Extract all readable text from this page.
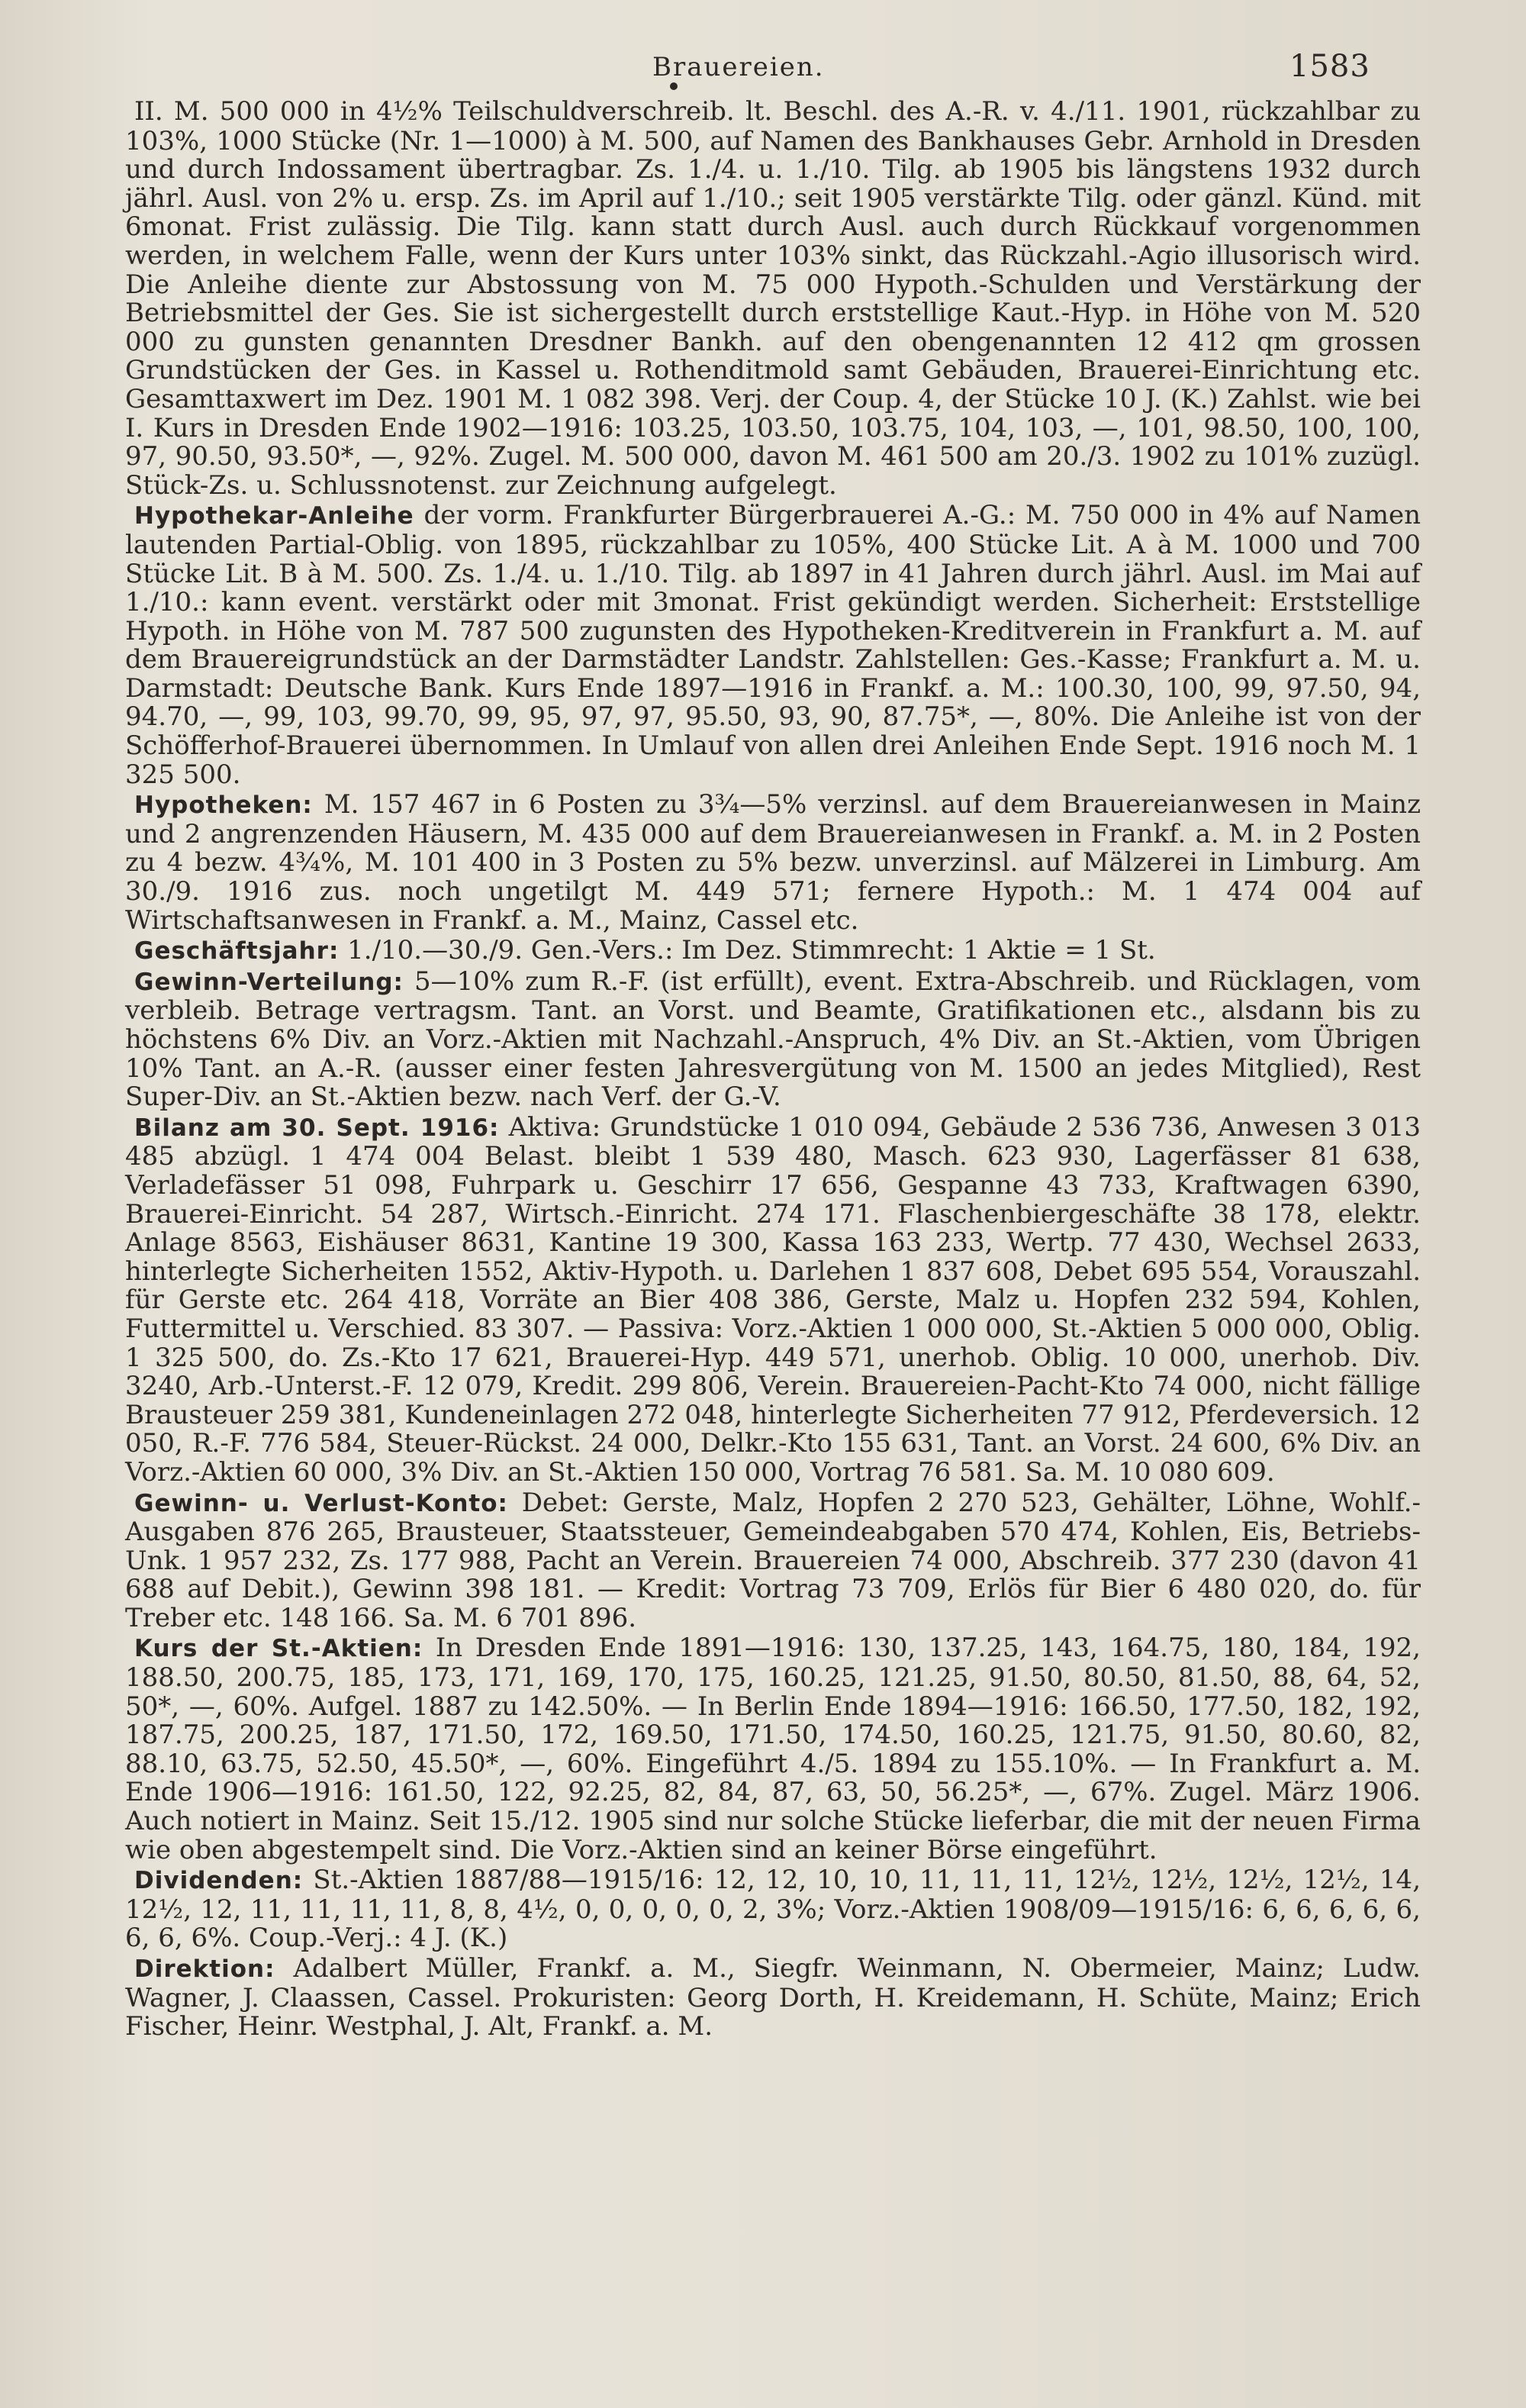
Brauereien.	1583

II. M. 500 000 in 4½% Teilschuldverschreib. lt. Beschl. des A.-R. v. 4./11. 1901, rückzahlbar zu 103%, 1000 Stücke (Nr. 1—1000) à M. 500, auf Namen des Bankhauses Gebr. Arnhold in Dresden und durch Indossament übertragbar. Zs. 1./4. u. 1./10. Tilg. ab 1905 bis längstens 1932 durch jährl. Ausl. von 2% u. ersp. Zs. im April auf 1./10.; seit 1905 verstärkte Tilg. oder gänzl. Künd. mit 6monat. Frist zulässig. Die Tilg. kann statt durch Ausl. auch durch Rückkauf vorgenommen werden, in welchem Falle, wenn der Kurs unter 103% sinkt, das Rückzahl.-Agio illusorisch wird. Die Anleihe diente zur Abstossung von M. 75 000 Hypoth.-Schulden und Verstärkung der Betriebsmittel der Ges. Sie ist sichergestellt durch erststellige Kaut.-Hyp. in Höhe von M. 520 000 zu gunsten genannten Dresdner Bankh. auf den obengenannten 12 412 qm grossen Grundstücken der Ges. in Kassel u. Rothenditmold samt Gebäuden, Brauerei-Einrichtung etc. Gesamttaxwert im Dez. 1901 M. 1 082 398. Verj. der Coup. 4, der Stücke 10 J. (K.) Zahlst. wie bei I. Kurs in Dresden Ende 1902—1916: 103.25, 103.50, 103.75, 104, 103, —, 101, 98.50, 100, 100, 97, 90.50, 93.50*, —, 92%. Zugel. M. 500 000, davon M. 461 500 am 20./3. 1902 zu 101% zuzügl. Stück-Zs. u. Schlussnotenst. zur Zeichnung aufgelegt.

Hypothekar-Anleihe der vorm. Frankfurter Bürgerbrauerei A.-G.: M. 750 000 in 4% auf Namen lautenden Partial-Oblig. von 1895, rückzahlbar zu 105%, 400 Stücke Lit. A à M. 1000 und 700 Stücke Lit. B à M. 500. Zs. 1./4. u. 1./10. Tilg. ab 1897 in 41 Jahren durch jährl. Ausl. im Mai auf 1./10.: kann event. verstärkt oder mit 3monat. Frist gekündigt werden. Sicherheit: Erststellige Hypoth. in Höhe von M. 787 500 zugunsten des Hypotheken-Kreditverein in Frankfurt a. M. auf dem Brauereigrundstück an der Darmstädter Landstr. Zahlstellen: Ges.-Kasse; Frankfurt a. M. u. Darmstadt: Deutsche Bank. Kurs Ende 1897—1916 in Frankf. a. M.: 100.30, 100, 99, 97.50, 94, 94.70, —, 99, 103, 99.70, 99, 95, 97, 97, 95.50, 93, 90, 87.75*, —, 80%. Die Anleihe ist von der Schöfferhof-Brauerei übernommen. In Umlauf von allen drei Anleihen Ende Sept. 1916 noch M. 1 325 500.

Hypotheken: M. 157 467 in 6 Posten zu 3¾—5% verzinsl. auf dem Brauereianwesen in Mainz und 2 angrenzenden Häusern, M. 435 000 auf dem Brauereianwesen in Frankf. a. M. in 2 Posten zu 4 bezw. 4¾%, M. 101 400 in 3 Posten zu 5% bezw. unverzinsl. auf Mälzerei in Limburg. Am 30./9. 1916 zus. noch ungetilgt M. 449 571; fernere Hypoth.: M. 1 474 004 auf Wirtschaftsanwesen in Frankf. a. M., Mainz, Cassel etc.

Geschäftsjahr: 1./10.—30./9. Gen.-Vers.: Im Dez. Stimmrecht: 1 Aktie = 1 St.

Gewinn-Verteilung: 5—10% zum R.-F. (ist erfüllt), event. Extra-Abschreib. und Rücklagen, vom verbleib. Betrage vertragsm. Tant. an Vorst. und Beamte, Gratifikationen etc., alsdann bis zu höchstens 6% Div. an Vorz.-Aktien mit Nachzahl.-Anspruch, 4% Div. an St.-Aktien, vom Übrigen 10% Tant. an A.-R. (ausser einer festen Jahresvergütung von M. 1500 an jedes Mitglied), Rest Super-Div. an St.-Aktien bezw. nach Verf. der G.-V.

Bilanz am 30. Sept. 1916: Aktiva: Grundstücke 1 010 094, Gebäude 2 536 736, Anwesen 3 013 485 abzügl. 1 474 004 Belast. bleibt 1 539 480, Masch. 623 930, Lagerfässer 81 638, Verladefässer 51 098, Fuhrpark u. Geschirr 17 656, Gespanne 43 733, Kraftwagen 6390, Brauerei-Einricht. 54 287, Wirtsch.-Einricht. 274 171. Flaschenbiergeschäfte 38 178, elektr. Anlage 8563, Eishäuser 8631, Kantine 19 300, Kassa 163 233, Wertp. 77 430, Wechsel 2633, hinterlegte Sicherheiten 1552, Aktiv-Hypoth. u. Darlehen 1 837 608, Debet 695 554, Vorauszahl. für Gerste etc. 264 418, Vorräte an Bier 408 386, Gerste, Malz u. Hopfen 232 594, Kohlen, Futtermittel u. Verschied. 83 307. — Passiva: Vorz.-Aktien 1 000 000, St.-Aktien 5 000 000, Oblig. 1 325 500, do. Zs.-Kto 17 621, Brauerei-Hyp. 449 571, unerhob. Oblig. 10 000, unerhob. Div. 3240, Arb.-Unterst.-F. 12 079, Kredit. 299 806, Verein. Brauereien-Pacht-Kto 74 000, nicht fällige Brausteuer 259 381, Kundeneinlagen 272 048, hinterlegte Sicherheiten 77 912, Pferdeversich. 12 050, R.-F. 776 584, Steuer-Rückst. 24 000, Delkr.-Kto 155 631, Tant. an Vorst. 24 600, 6% Div. an Vorz.-Aktien 60 000, 3% Div. an St.-Aktien 150 000, Vortrag 76 581. Sa. M. 10 080 609.

Gewinn- u. Verlust-Konto: Debet: Gerste, Malz, Hopfen 2 270 523, Gehälter, Löhne, Wohlf.-Ausgaben 876 265, Brausteuer, Staatssteuer, Gemeindeabgaben 570 474, Kohlen, Eis, Betriebs-Unk. 1 957 232, Zs. 177 988, Pacht an Verein. Brauereien 74 000, Abschreib. 377 230 (davon 41 688 auf Debit.), Gewinn 398 181. — Kredit: Vortrag 73 709, Erlös für Bier 6 480 020, do. für Treber etc. 148 166. Sa. M. 6 701 896.

Kurs der St.-Aktien: In Dresden Ende 1891—1916: 130, 137.25, 143, 164.75, 180, 184, 192, 188.50, 200.75, 185, 173, 171, 169, 170, 175, 160.25, 121.25, 91.50, 80.50, 81.50, 88, 64, 52, 50*, —, 60%. Aufgel. 1887 zu 142.50%. — In Berlin Ende 1894—1916: 166.50, 177.50, 182, 192, 187.75, 200.25, 187, 171.50, 172, 169.50, 171.50, 174.50, 160.25, 121.75, 91.50, 80.60, 82, 88.10, 63.75, 52.50, 45.50*, —, 60%. Eingeführt 4./5. 1894 zu 155.10%. — In Frankfurt a. M. Ende 1906—1916: 161.50, 122, 92.25, 82, 84, 87, 63, 50, 56.25*, —, 67%. Zugel. März 1906. Auch notiert in Mainz. Seit 15./12. 1905 sind nur solche Stücke lieferbar, die mit der neuen Firma wie oben abgestempelt sind. Die Vorz.-Aktien sind an keiner Börse eingeführt.

Dividenden: St.-Aktien 1887/88—1915/16: 12, 12, 10, 10, 11, 11, 11, 12½, 12½, 12½, 12½, 14, 12½, 12, 11, 11, 11, 11, 8, 8, 4½, 0, 0, 0, 0, 0, 2, 3%; Vorz.-Aktien 1908/09—1915/16: 6, 6, 6, 6, 6, 6, 6, 6%. Coup.-Verj.: 4 J. (K.)

Direktion: Adalbert Müller, Frankf. a. M., Siegfr. Weinmann, N. Obermeier, Mainz; Ludw. Wagner, J. Claassen, Cassel. Prokuristen: Georg Dorth, H. Kreidemann, H. Schüte, Mainz; Erich Fischer, Heinr. Westphal, J. Alt, Frankf. a. M.
